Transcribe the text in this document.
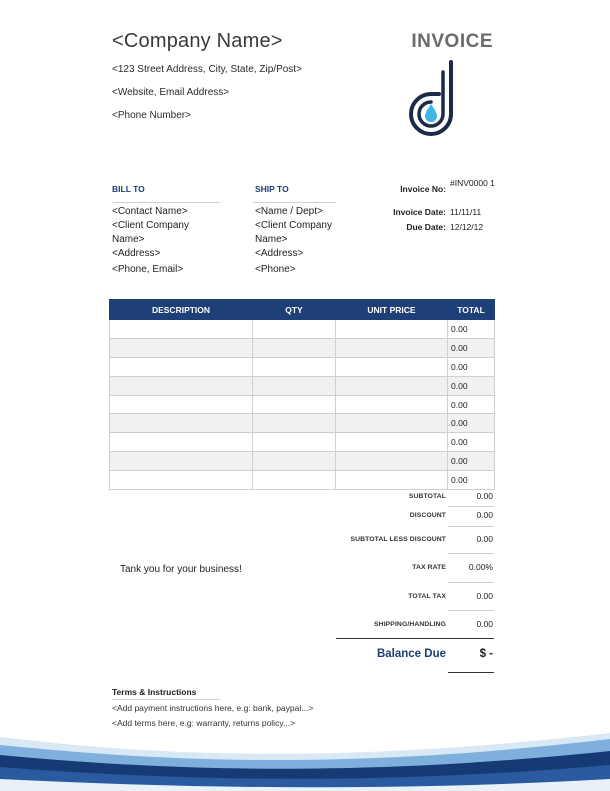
<Company Name>
<123 Street Address, City, State, Zip/Post>
<Website, Email Address>
<Phone Number>
INVOICE
BILL TO
<Contact Name>
<Client Company
Name>
<Address>
<Phone, Email>
SHIP TO
<Name / Dept>
<Client Company
Name>
<Address>
<Phone>
Invoice No:
#INV0000 1
Invoice Date: 11/11/11
Due Date: 12/12/12
DESCRIPTION	QTY	UNIT PRICE	TOTAL
			0.00
			0.00
			0.00
			0.00
			0.00
			0.00
			0.00
			0.00
			0.00
SUBTOTAL	0.00
DISCOUNT	0.00
SUBTOTAL LESS DISCOUNT	0.00
TAX RATE	0.00%
TOTAL TAX	0.00
SHIPPING/HANDLING	0.00
Balance Due	$ -
Tank you for your business!
Terms & Instructions
<Add payment instructions here, e.g: bank, paypal...>
<Add terms here, e.g: warranty, returns policy...>
